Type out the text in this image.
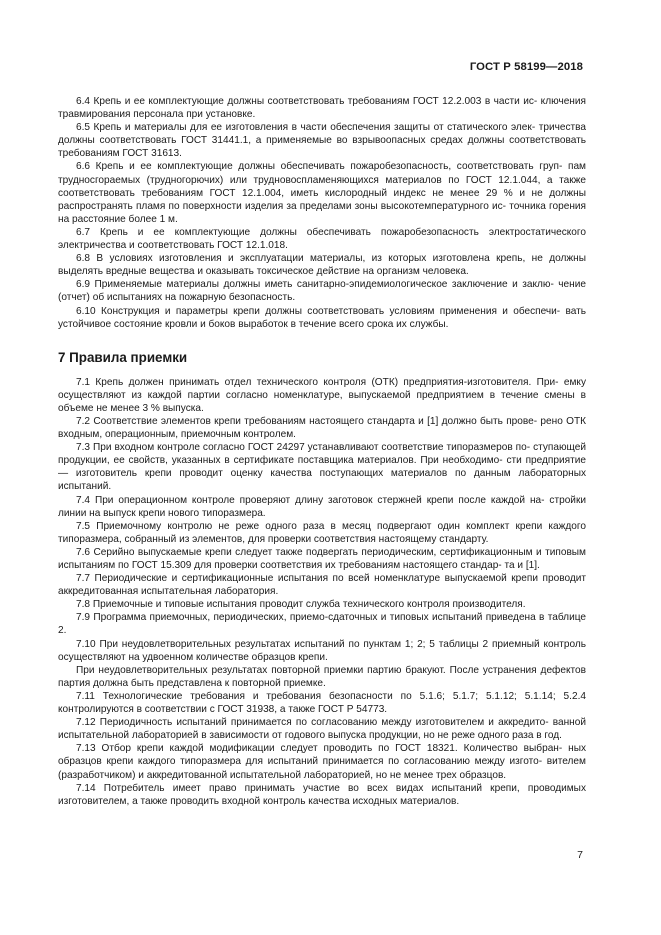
ГОСТ Р 58199—2018

6.4 Крепь и ее комплектующие должны соответствовать требованиям ГОСТ 12.2.003 в части ис- ключения травмирования персонала при установке.

6.5 Крепь и материалы для ее изготовления в части обеспечения защиты от статического элек- тричества должны соответствовать ГОСТ 31441.1, а применяемые во взрывоопасных средах должны соответствовать требованиям ГОСТ 31613.

6.6 Крепь и ее комплектующие должны обеспечивать пожаробезопасность, соответствовать груп- пам трудносгораемых (трудногорючих) или трудновоспламеняющихся материалов по ГОСТ 12.1.044, а также соответствовать требованиям ГОСТ 12.1.004, иметь кислородный индекс не менее 29 % и не должны распространять пламя по поверхности изделия за пределами зоны высокотемпературного ис- точника горения на расстояние более 1 м.

6.7 Крепь и ее комплектующие должны обеспечивать пожаробезопасность электростатического электричества и соответствовать ГОСТ 12.1.018.

6.8 В условиях изготовления и эксплуатации материалы, из которых изготовлена крепь, не должны выделять вредные вещества и оказывать токсическое действие на организм человека.

6.9 Применяемые материалы должны иметь санитарно-эпидемиологическое заключение и заклю- чение (отчет) об испытаниях на пожарную безопасность.

6.10 Конструкция и параметры крепи должны соответствовать условиям применения и обеспечи- вать устойчивое состояние кровли и боков выработок в течение всего срока их службы.

7 Правила приемки

7.1 Крепь должен принимать отдел технического контроля (ОТК) предприятия-изготовителя. При- емку осуществляют из каждой партии согласно номенклатуре, выпускаемой предприятием в течение смены в объеме не менее 3 % выпуска.

7.2 Соответствие элементов крепи требованиям настоящего стандарта и [1] должно быть прове- рено ОТК входным, операционным, приемочным контролем.

7.3 При входном контроле согласно ГОСТ 24297 устанавливают соответствие типоразмеров по- ступающей продукции, ее свойств, указанных в сертификате поставщика материалов. При необходимо- сти предприятие — изготовитель крепи проводит оценку качества поступающих материалов по данным лабораторных испытаний.

7.4 При операционном контроле проверяют длину заготовок стержней крепи после каждой на- стройки линии на выпуск крепи нового типоразмера.

7.5 Приемочному контролю не реже одного раза в месяц подвергают один комплект крепи каждого типоразмера, собранный из элементов, для проверки соответствия настоящему стандарту.

7.6 Серийно выпускаемые крепи следует также подвергать периодическим, сертификационным и типовым испытаниям по ГОСТ 15.309 для проверки соответствия их требованиям настоящего стандар- та и [1].

7.7 Периодические и сертификационные испытания по всей номенклатуре выпускаемой крепи проводит аккредитованная испытательная лаборатория.

7.8 Приемочные и типовые испытания проводит служба технического контроля производителя.

7.9 Программа приемочных, периодических, приемо-сдаточных и типовых испытаний приведена в таблице 2.

7.10 При неудовлетворительных результатах испытаний по пунктам 1; 2; 5 таблицы 2 приемный контроль осуществляют на удвоенном количестве образцов крепи.

При неудовлетворительных результатах повторной приемки партию бракуют. После устранения дефектов партия должна быть представлена к повторной приемке.

7.11 Технологические требования и требования безопасности по 5.1.6; 5.1.7; 5.1.12; 5.1.14; 5.2.4 контролируются в соответствии с ГОСТ 31938, а также ГОСТ Р 54773.

7.12 Периодичность испытаний принимается по согласованию между изготовителем и аккредито- ванной испытательной лабораторией в зависимости от годового выпуска продукции, но не реже одного раза в год.

7.13 Отбор крепи каждой модификации следует проводить по ГОСТ 18321. Количество выбран- ных образцов крепи каждого типоразмера для испытаний принимается по согласованию между изгото- вителем (разработчиком) и аккредитованной испытательной лабораторией, но не менее трех образцов.

7.14 Потребитель имеет право принимать участие во всех видах испытаний крепи, проводимых изготовителем, а также проводить входной контроль качества исходных материалов.

7
